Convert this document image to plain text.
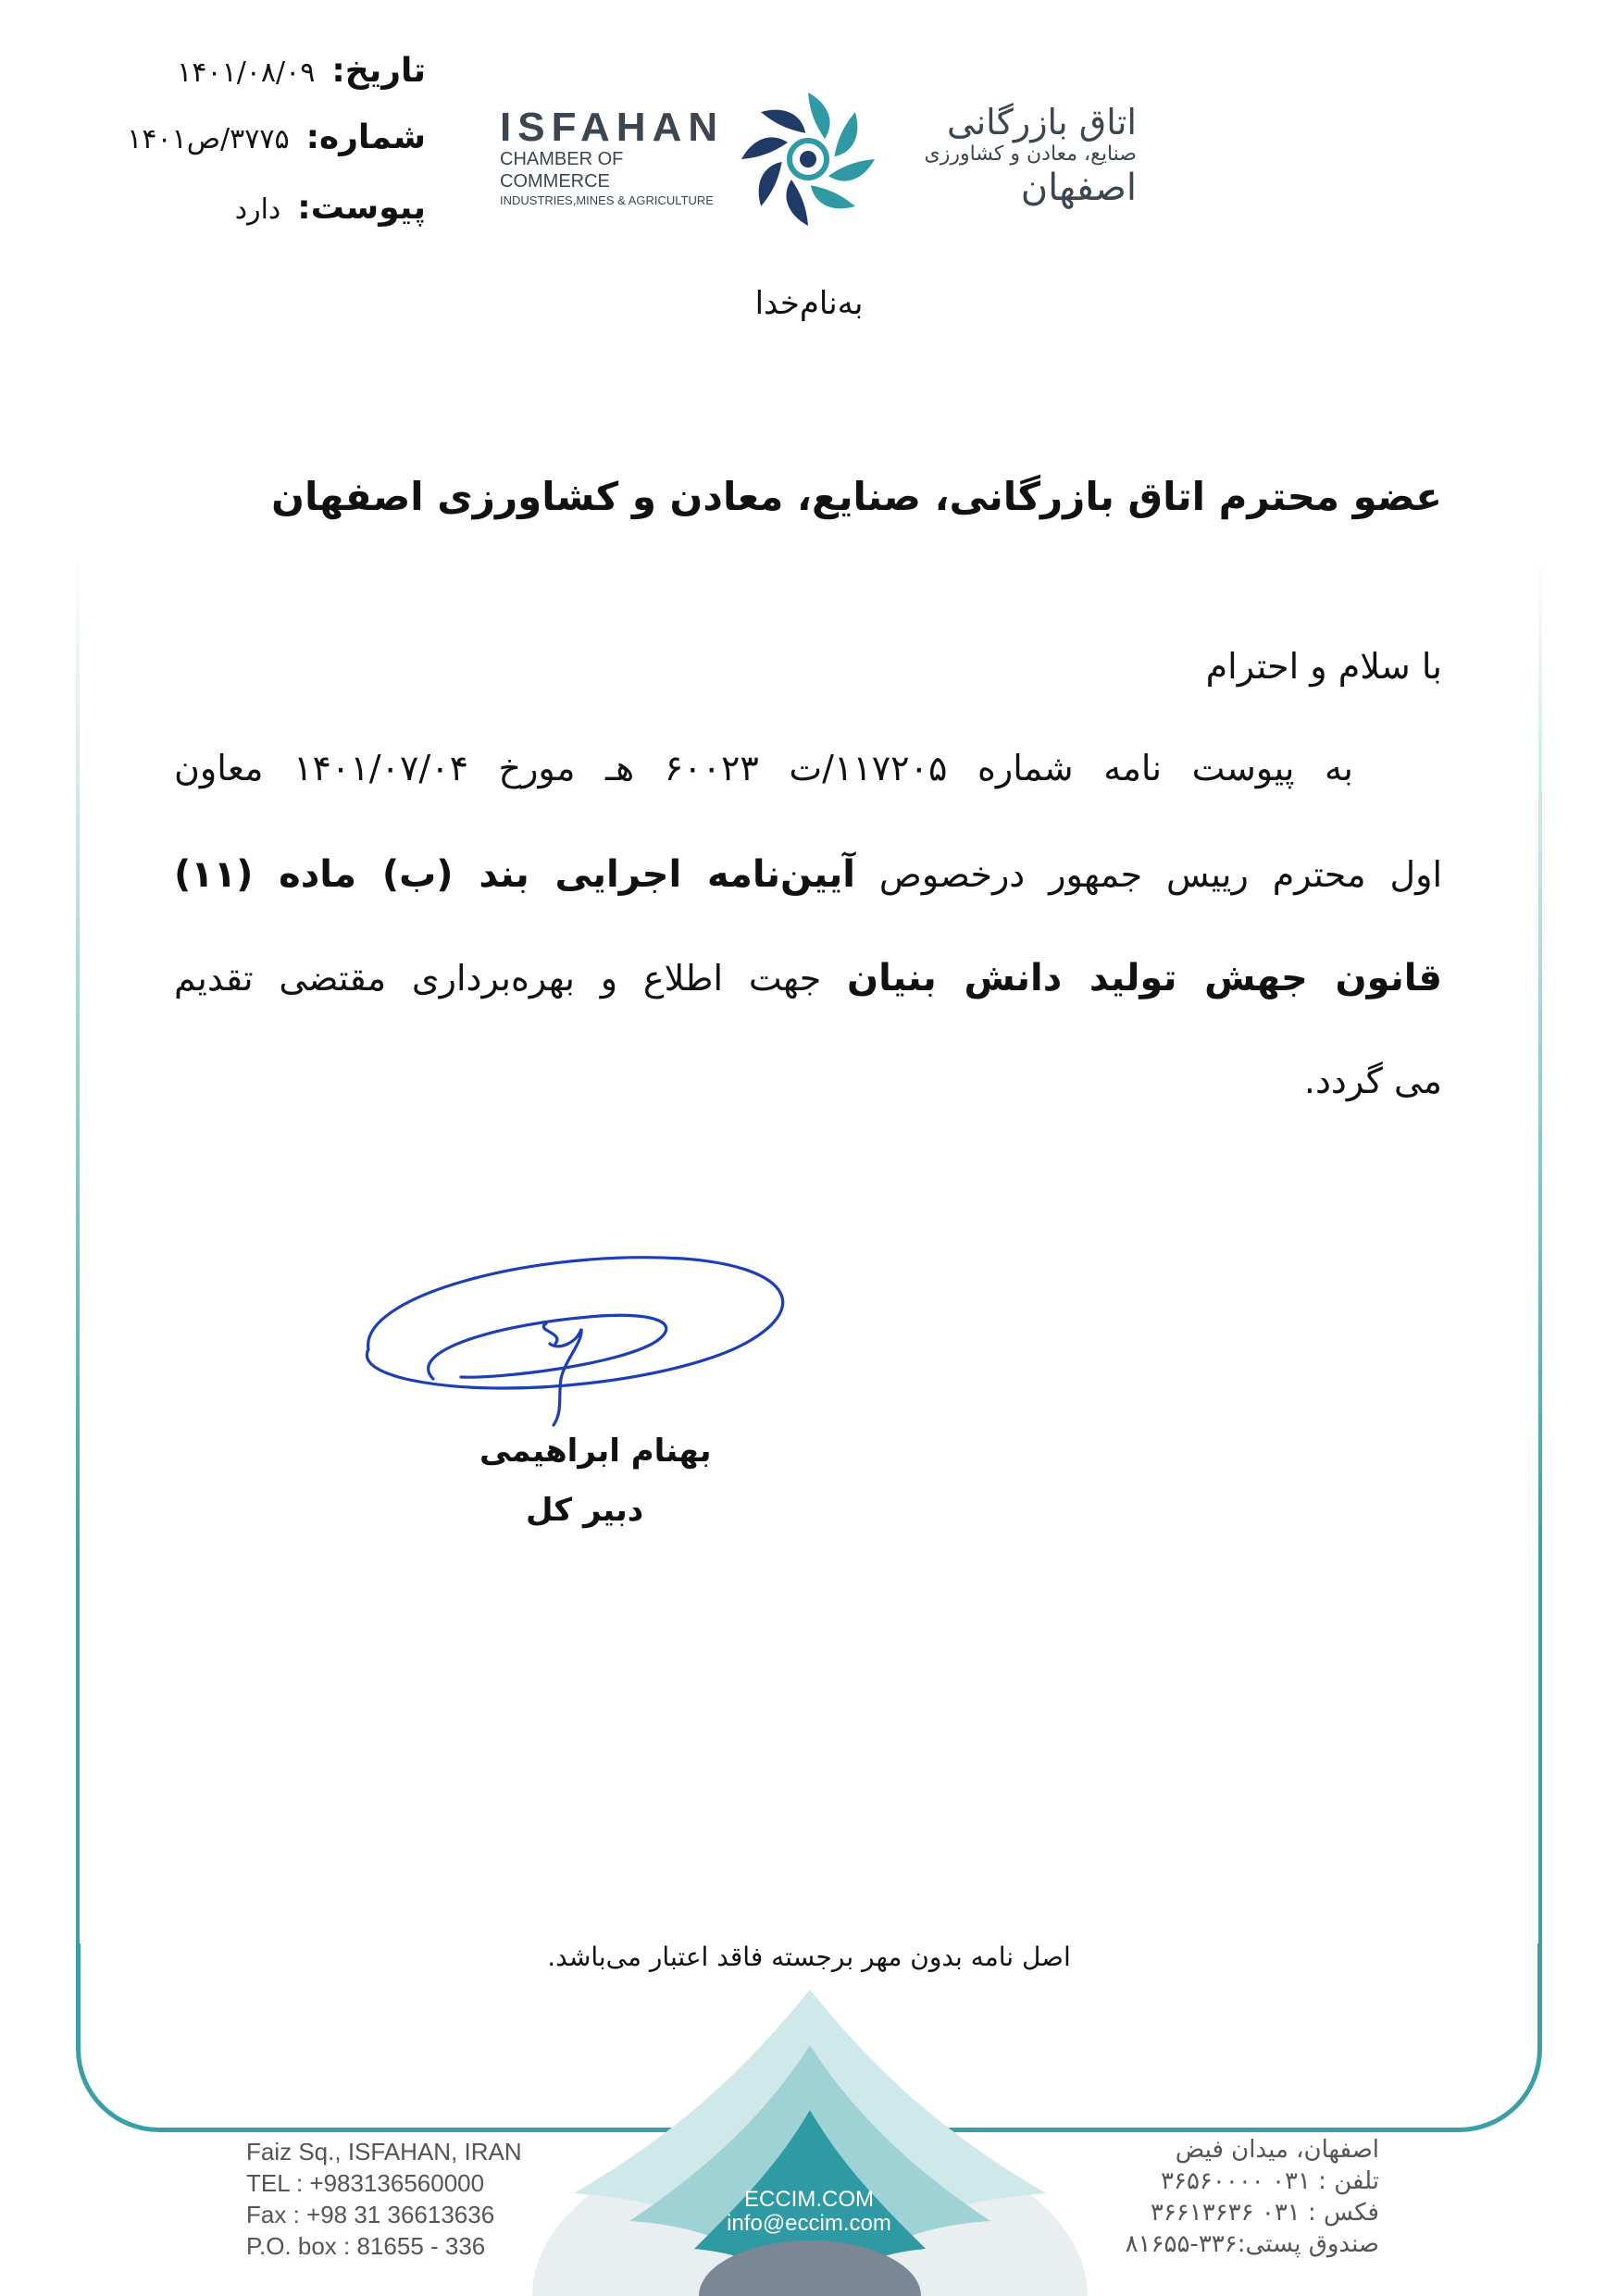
تاریخ:۱۴۰۱/۰۸/۰۹
شماره:۳۷۷۵/ص۱۴۰۱
پیوست:دارد
ISFAHAN
CHAMBER OF COMMERCE
INDUSTRIES,MINES & AGRICULTURE
اتاق بازرگانی
صنایع، معادن و کشاورزی
اصفهان
به‌نام‌خدا
عضو محترم اتاق بازرگانی، صنایع، معادن و کشاورزی اصفهان
با سلام و احترام
به پیوست نامه شماره ۱۱۷۲۰۵/ت ۶۰۰۲۳ هـ مورخ ۱۴۰۱/۰۷/۰۴ معاون
اول محترم رییس جمهور درخصوص آیین‌نامه اجرایی بند (ب) ماده (۱۱)
قانون جهش تولید دانش بنیان جهت اطلاع و بهره‌برداری مقتضی تقدیم
می گردد.
بهنام ابراهیمی
دبیر کل
اصل نامه بدون مهر برجسته فاقد اعتبار می‌باشد.
Faiz Sq., ISFAHAN, IRAN
TEL : +983136560000
Fax : +98 31 36613636
P.O. box : 81655 - 336
ECCIM.COM
info@eccim.com
اصفهان، میدان فیض
تلفن : ۰۳۱ ۳۶۵۶۰۰۰۰
فکس : ۰۳۱ ۳۶۶۱۳۶۳۶
صندوق پستی:۳۳۶-۸۱۶۵۵
